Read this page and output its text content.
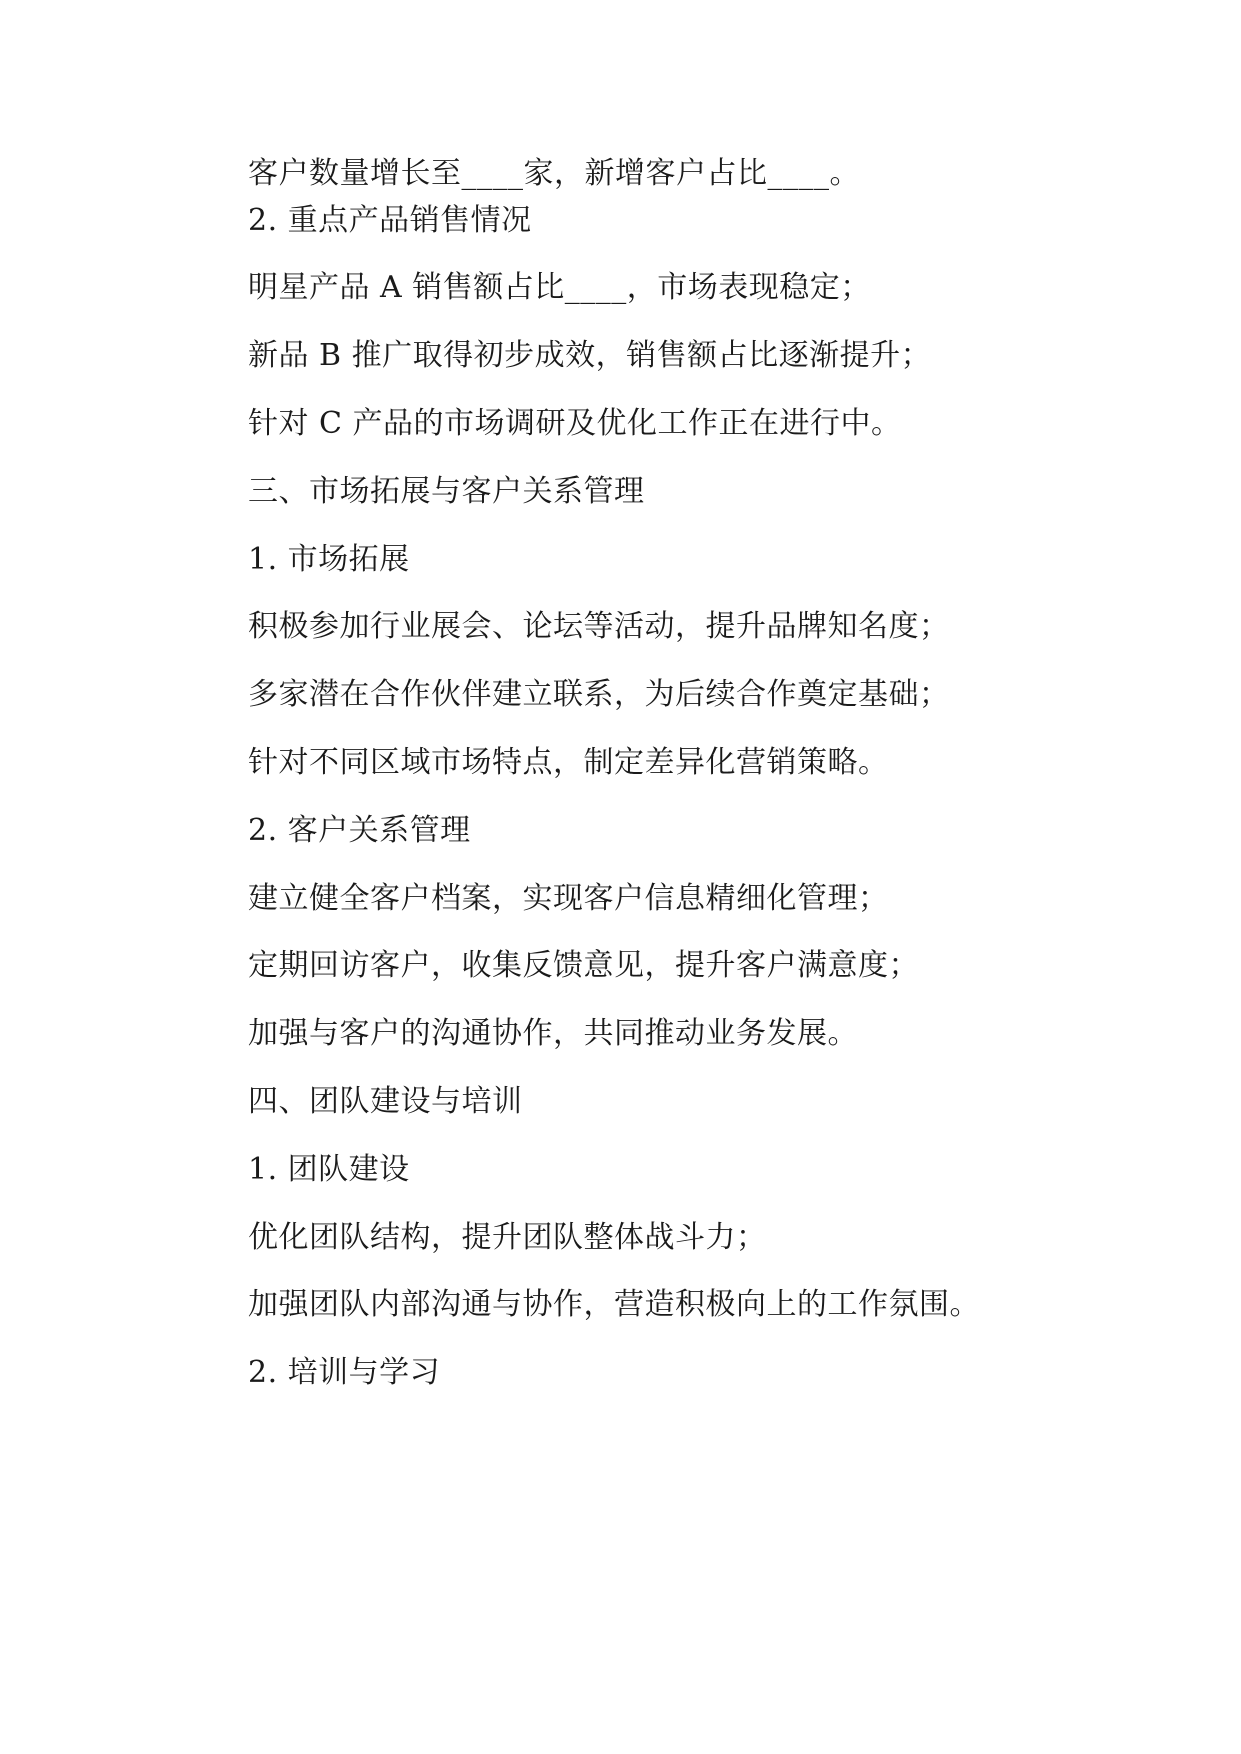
客户数量增长至____家，新增客户占比____。

2. 重点产品销售情况

明星产品 A 销售额占比____，市场表现稳定；

新品 B 推广取得初步成效，销售额占比逐渐提升；

针对 C 产品的市场调研及优化工作正在进行中。

三、市场拓展与客户关系管理

1. 市场拓展

积极参加行业展会、论坛等活动，提升品牌知名度；

多家潜在合作伙伴建立联系，为后续合作奠定基础；

针对不同区域市场特点，制定差异化营销策略。

2. 客户关系管理

建立健全客户档案，实现客户信息精细化管理；

定期回访客户，收集反馈意见，提升客户满意度；

加强与客户的沟通协作，共同推动业务发展。

四、团队建设与培训

1. 团队建设

优化团队结构，提升团队整体战斗力；

加强团队内部沟通与协作，营造积极向上的工作氛围。

2. 培训与学习
